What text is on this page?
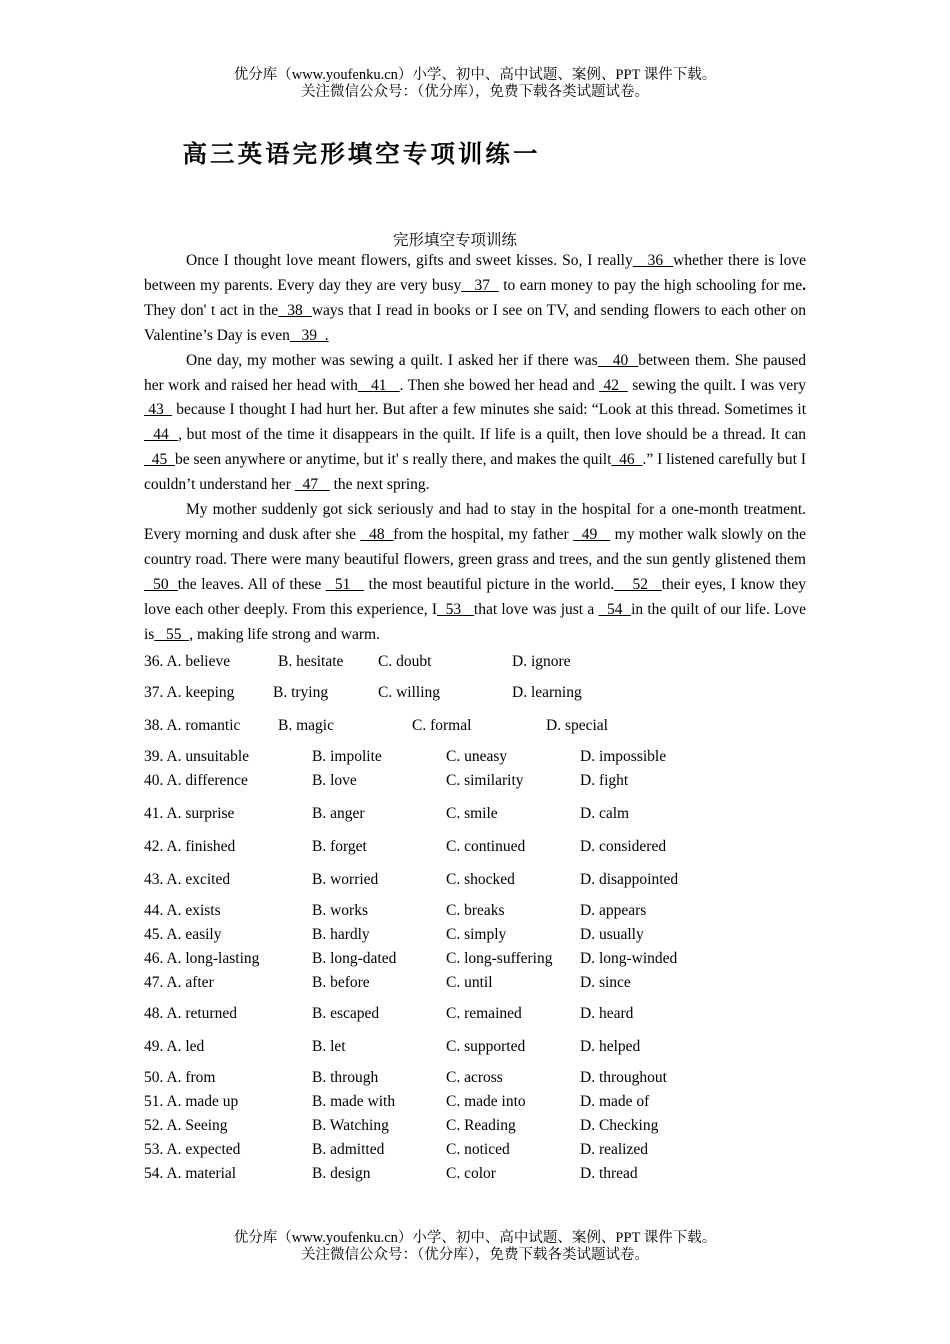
优分库（www.youfenku.cn）小学、初中、高中试题、案例、PPT 课件下载。
关注微信公众号：（优分库），免费下载各类试题试卷。
高三英语完形填空专项训练一
完形填空专项训练

Once I thought love meant flowers, gifts and sweet kisses. So, I really   36  whether there is love between my parents. Every day they are very busy   37   to earn money to pay the high schooling for me. They don' t act in the  38  ways that I read in books or I see on TV, and sending flowers to each other on Valentine’s Day is even   39  .

One day, my mother was sewing a quilt. I asked her if there was   40  between them. She paused her work and raised her head with   41   . Then she bowed her head and  42   sewing the quilt. I was very  43   because I thought I had hurt her. But after a few minutes she said: “Look at this thread. Sometimes it  44  , but most of the time it disappears in the quilt. If life is a quilt, then love should be a thread. It can  45  be seen anywhere or anytime, but it' s really there, and makes the quilt  46  .” I listened carefully but I couldn’t understand her   47    the next spring.

My mother suddenly got sick seriously and had to stay in the hospital for a one-month treatment. Every morning and dusk after she   48  from the hospital, my father   49    my mother walk slowly on the country road. There were many beautiful flowers, green grass and trees, and the sun gently glistened them  50  the leaves. All of these   51    the most beautiful picture in the world.    52   their eyes, I know they love each other deeply. From this experience, I  53   that love was just a   54  in the quilt of our life. Love is   55  , making life strong and warm.

36. A. believe	B. hesitate C. doubt	D. ignore
37. A. keeping B. trying	C. willing	D. learning
38. A. romantic B. magic	C. formal	D. special
39. A. unsuitable	B. impolite	C. uneasy	D. impossible
40. A. difference	B. love	C. similarity	D. fight
41. A. surprise	B. anger	C. smile	D. calm
42. A. finished	B. forget	C. continued	D. considered
43. A. excited	B. worried	C. shocked	D. disappointed
44. A. exists	B. works	C. breaks	D. appears
45. A. easily	B. hardly	C. simply	D. usually
46. A. long-lasting	B. long-dated	C. long-suffering D. long-winded
47. A. after	B. before	C. until	D. since
48. A. returned	B. escaped	C. remained	D. heard
49. A. led	B. let	C. supported	D. helped
50. A. from	B. through	C. across	D. throughout
51. A. made up	B. made with	C. made into	D. made of
52. A. Seeing	B. Watching	C. Reading	D. Checking
53. A. expected	B. admitted	C. noticed	D. realized
54. A. material	B. design	C. color	D. thread
优分库（www.youfenku.cn）小学、初中、高中试题、案例、PPT 课件下载。
关注微信公众号：（优分库），免费下载各类试题试卷。
